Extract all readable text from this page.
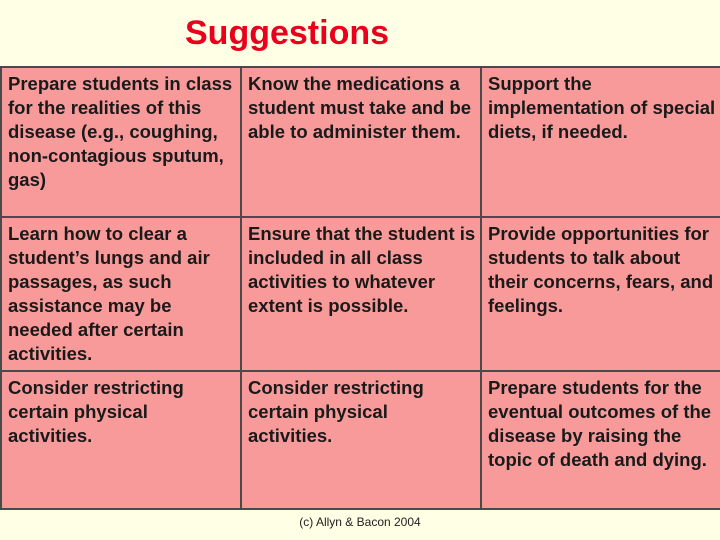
Suggestions
Prepare students in class for the realities of this disease (e.g., coughing, non-contagious sputum, gas)	Know the medications a student must take and be able to administer them.	Support the implementation of special diets, if needed.
Learn how to clear a student’s lungs and air passages, as such assistance may be needed after certain activities.	Ensure that the student is included in all class activities to whatever extent is possible.	Provide opportunities for students to talk about their concerns, fears, and feelings.
Consider restricting certain physical activities.	Consider restricting certain physical activities.	Prepare students for the eventual outcomes of the disease by raising the topic of death and dying.
(c) Allyn & Bacon 2004
